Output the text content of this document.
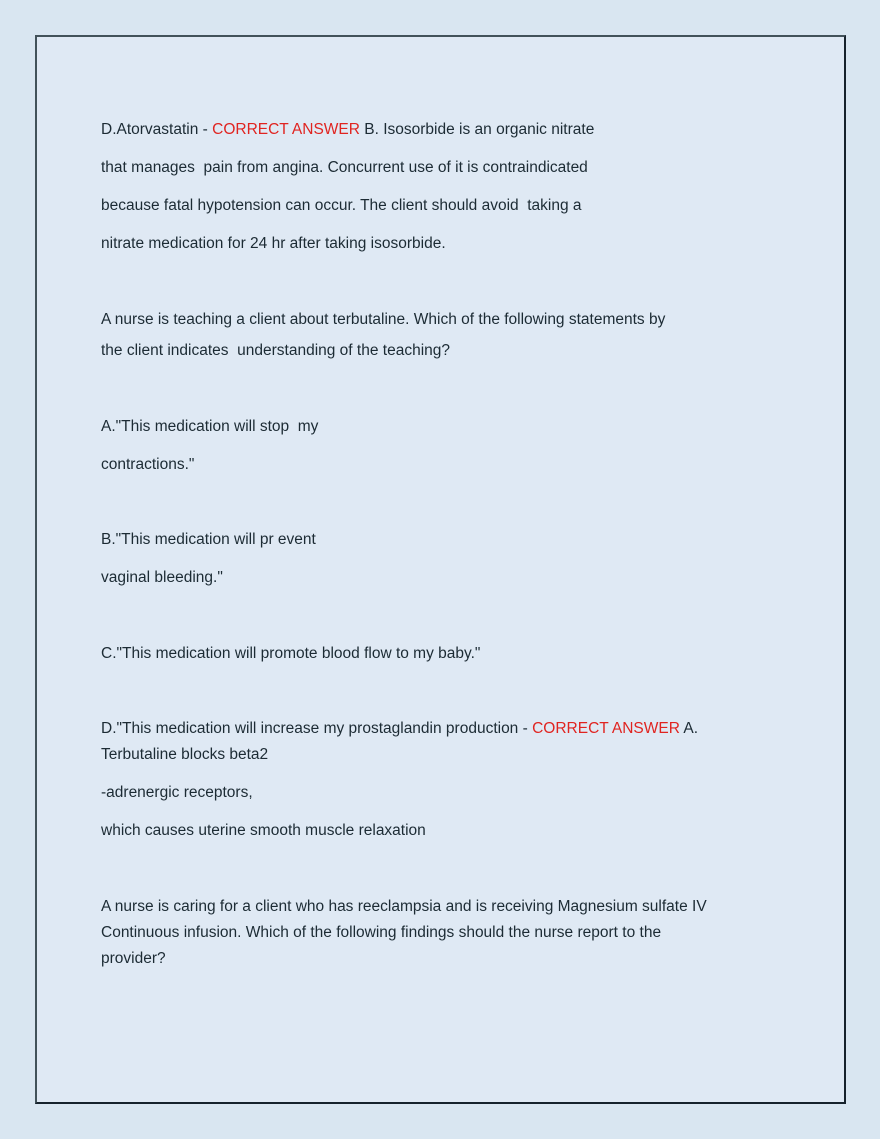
D.Atorvastatin - CORRECT ANSWER B. Isosorbide is an organic nitrate
that manages  pain from angina. Concurrent use of it is contraindicated
because fatal hypotension can occur. The client should avoid  taking a
nitrate medication for 24 hr after taking isosorbide.

A nurse is teaching a client about terbutaline. Which of the following statements by
the client indicates  understanding of the teaching?

A."This medication will stop  my
contractions."

B."This medication will pr event
vaginal bleeding."

C."This medication will promote blood flow to my baby."

D."This medication will increase my prostaglandin production - CORRECT ANSWER A.
Terbutaline blocks beta2

-adrenergic receptors,

which causes uterine smooth muscle relaxation

A nurse is caring for a client who has reeclampsia and is receiving Magnesium sulfate IV
Continuous infusion. Which of the following findings should the nurse report to the
provider?
